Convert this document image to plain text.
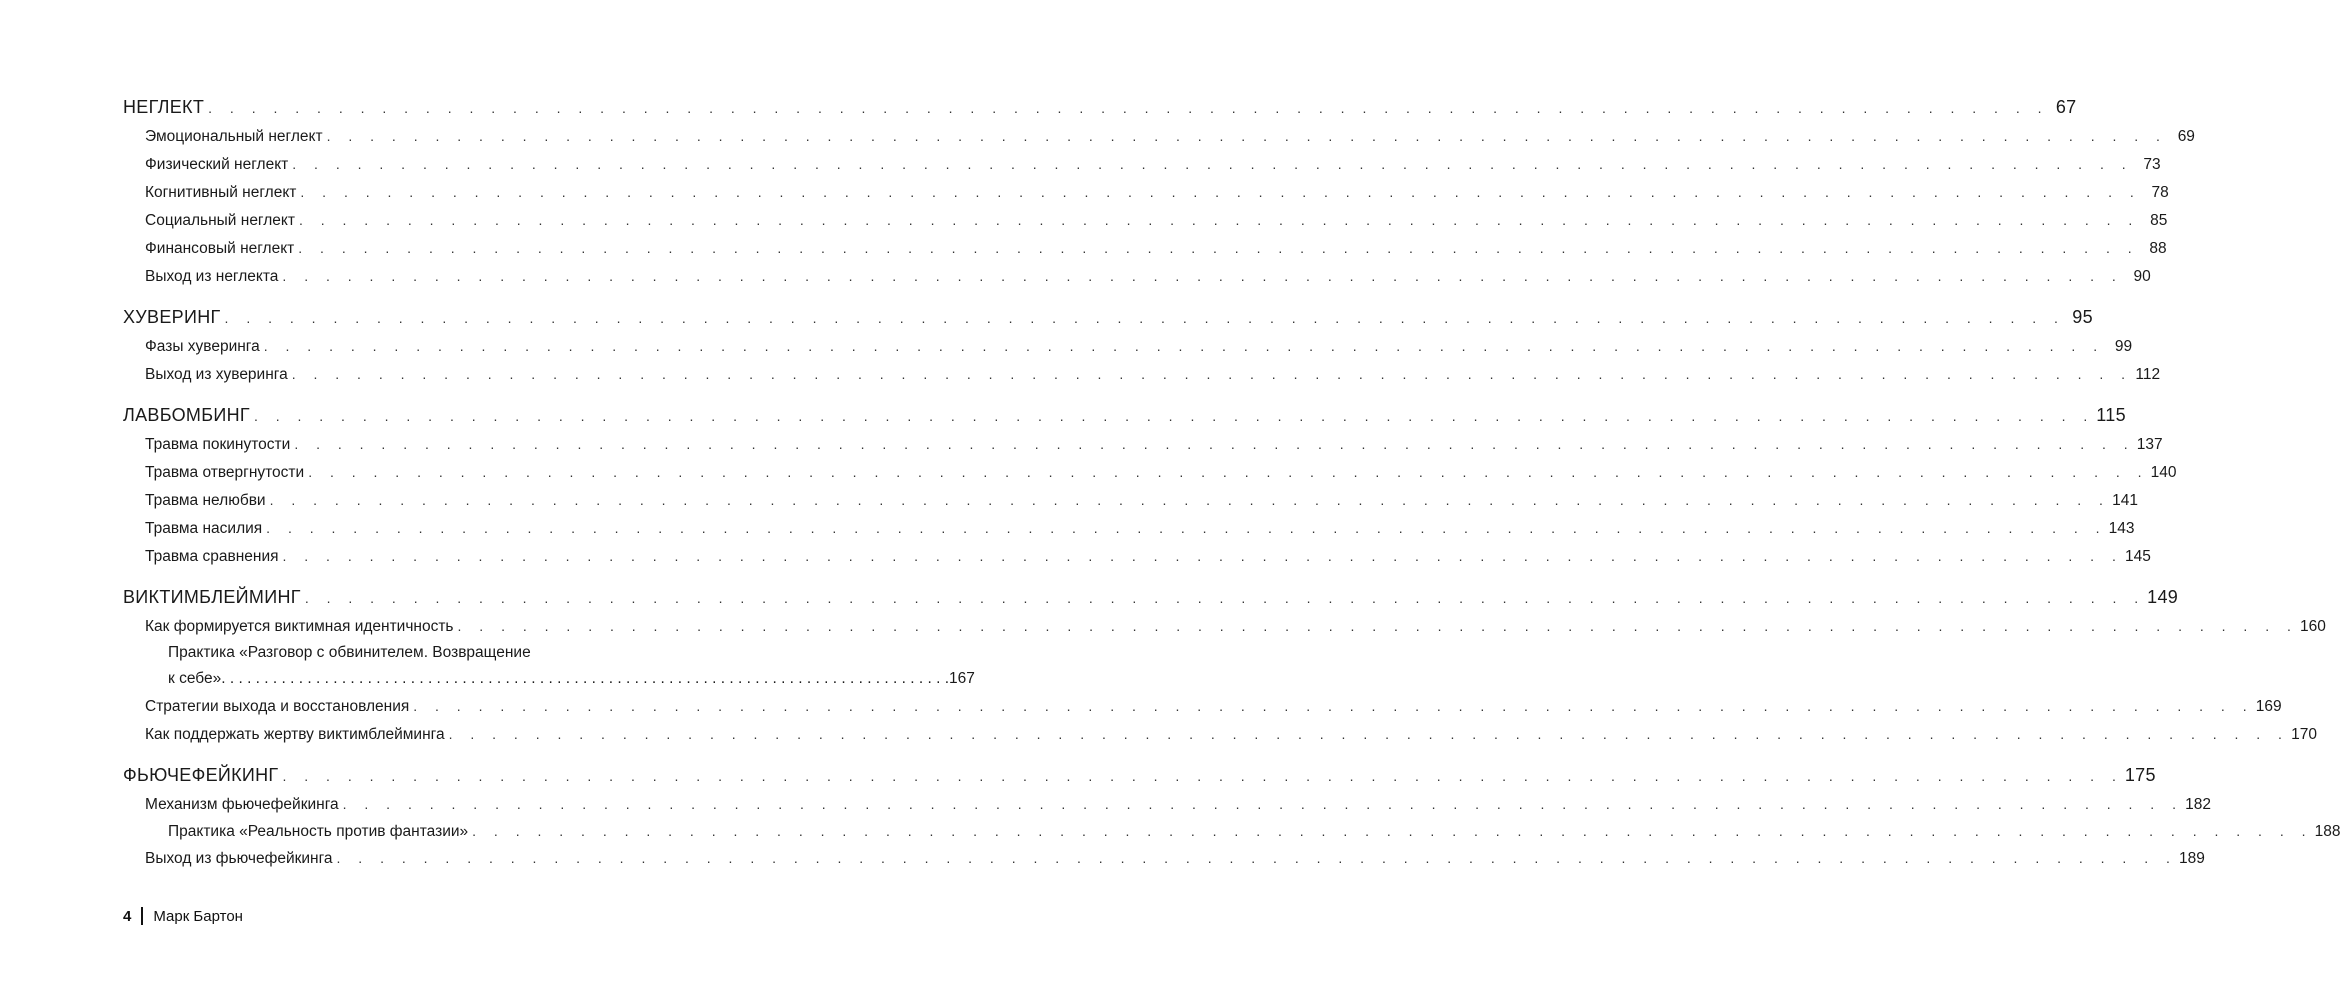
НЕГЛЕКТ . . . . . . . . . . . . . . . . . . . . . . . . . . . . . . . . . . . . . . . . . . . . . . . . . . . . . . . . . . . . . . . . . . . . . . . . . . . . . . . . . . . . . 67
Эмоциональный неглект . . . . . . . . . . . . . . . . . . . . . . . . . . . . . . . . . . . . . . . . . . . . . . . . . . . . . . . . . . . . . . . . . . . . . . . . . . . . . . . . . . . . . 69
Физический неглект . . . . . . . . . . . . . . . . . . . . . . . . . . . . . . . . . . . . . . . . . . . . . . . . . . . . . . . . . . . . . . . . . . . . . . . . . . . . . . . . . . . . . 73
Когнитивный неглект . . . . . . . . . . . . . . . . . . . . . . . . . . . . . . . . . . . . . . . . . . . . . . . . . . . . . . . . . . . . . . . . . . . . . . . . . . . . . . . . . . . . . 78
Социальный неглект . . . . . . . . . . . . . . . . . . . . . . . . . . . . . . . . . . . . . . . . . . . . . . . . . . . . . . . . . . . . . . . . . . . . . . . . . . . . . . . . . . . . . 85
Финансовый неглект . . . . . . . . . . . . . . . . . . . . . . . . . . . . . . . . . . . . . . . . . . . . . . . . . . . . . . . . . . . . . . . . . . . . . . . . . . . . . . . . . . . . . 88
Выход из неглекта . . . . . . . . . . . . . . . . . . . . . . . . . . . . . . . . . . . . . . . . . . . . . . . . . . . . . . . . . . . . . . . . . . . . . . . . . . . . . . . . . . . . . 90
ХУВЕРИНГ . . . . . . . . . . . . . . . . . . . . . . . . . . . . . . . . . . . . . . . . . . . . . . . . . . . . . . . . . . . . . . . . . . . . . . . . . . . . . . . . . . . . . 95
Фазы хуверинга . . . . . . . . . . . . . . . . . . . . . . . . . . . . . . . . . . . . . . . . . . . . . . . . . . . . . . . . . . . . . . . . . . . . . . . . . . . . . . . . . . . . . 99
Выход из хуверинга . . . . . . . . . . . . . . . . . . . . . . . . . . . . . . . . . . . . . . . . . . . . . . . . . . . . . . . . . . . . . . . . . . . . . . . . . . . . . . . . . . . . . 112
ЛАВБОМБИНГ . . . . . . . . . . . . . . . . . . . . . . . . . . . . . . . . . . . . . . . . . . . . . . . . . . . . . . . . . . . . . . . . . . . . . . . . . . . . . . . . . . . . . 115
Травма покинутости . . . . . . . . . . . . . . . . . . . . . . . . . . . . . . . . . . . . . . . . . . . . . . . . . . . . . . . . . . . . . . . . . . . . . . . . . . . . . . . . . . . . . 137
Травма отвергнутости . . . . . . . . . . . . . . . . . . . . . . . . . . . . . . . . . . . . . . . . . . . . . . . . . . . . . . . . . . . . . . . . . . . . . . . . . . . . . . . . . . . . . 140
Травма нелюбви . . . . . . . . . . . . . . . . . . . . . . . . . . . . . . . . . . . . . . . . . . . . . . . . . . . . . . . . . . . . . . . . . . . . . . . . . . . . . . . . . . . . . 141
Травма насилия . . . . . . . . . . . . . . . . . . . . . . . . . . . . . . . . . . . . . . . . . . . . . . . . . . . . . . . . . . . . . . . . . . . . . . . . . . . . . . . . . . . . . 143
Травма сравнения . . . . . . . . . . . . . . . . . . . . . . . . . . . . . . . . . . . . . . . . . . . . . . . . . . . . . . . . . . . . . . . . . . . . . . . . . . . . . . . . . . . . . 145
ВИКТИМБЛЕЙМИНГ . . . . . . . . . . . . . . . . . . . . . . . . . . . . . . . . . . . . . . . . . . . . . . . . . . . . . . . . . . . . . . . . . . . . . . . . . . . . . . . . . . . . . 149
Как формируется виктимная идентичность . . . . . . . . . . . . . . . . . . . . . . . . . . . . . . . . . . . . . . . . . . . . . . . . . . . . . . . . . . . . . . . . . . . . . . . . . . . . . . . . . . . . . 160
Практика «Разговор с обвинителем. Возвращение
к себе» . . . . . . . . . . . . . . . . . . . . . . . . . . . . . . . . . . . . . . . . . . . . . . . . . . . . . . . . . . . . . . . . . . . . . . . . . . . . . . . . . . . . . 167
Стратегии выхода и восстановления . . . . . . . . . . . . . . . . . . . . . . . . . . . . . . . . . . . . . . . . . . . . . . . . . . . . . . . . . . . . . . . . . . . . . . . . . . . . . . . . . . . . . 169
Как поддержать жертву виктимблейминга . . . . . . . . . . . . . . . . . . . . . . . . . . . . . . . . . . . . . . . . . . . . . . . . . . . . . . . . . . . . . . . . . . . . . . . . . . . . . . . . . . . . . 170
ФЬЮЧЕФЕЙКИНГ . . . . . . . . . . . . . . . . . . . . . . . . . . . . . . . . . . . . . . . . . . . . . . . . . . . . . . . . . . . . . . . . . . . . . . . . . . . . . . . . . . . . . 175
Механизм фьючефейкинга . . . . . . . . . . . . . . . . . . . . . . . . . . . . . . . . . . . . . . . . . . . . . . . . . . . . . . . . . . . . . . . . . . . . . . . . . . . . . . . . . . . . . 182
Практика «Реальность против фантазии» . . . . . . . . . . . . . . . . . . . . . . . . . . . . . . . . . . . . . . . . . . . . . . . . . . . . . . . . . . . . . . . . . . . . . . . . . . . . . . . . . . . . . 188
Выход из фьючефейкинга . . . . . . . . . . . . . . . . . . . . . . . . . . . . . . . . . . . . . . . . . . . . . . . . . . . . . . . . . . . . . . . . . . . . . . . . . . . . . . . . . . . . . 189
4 Марк Бартон
